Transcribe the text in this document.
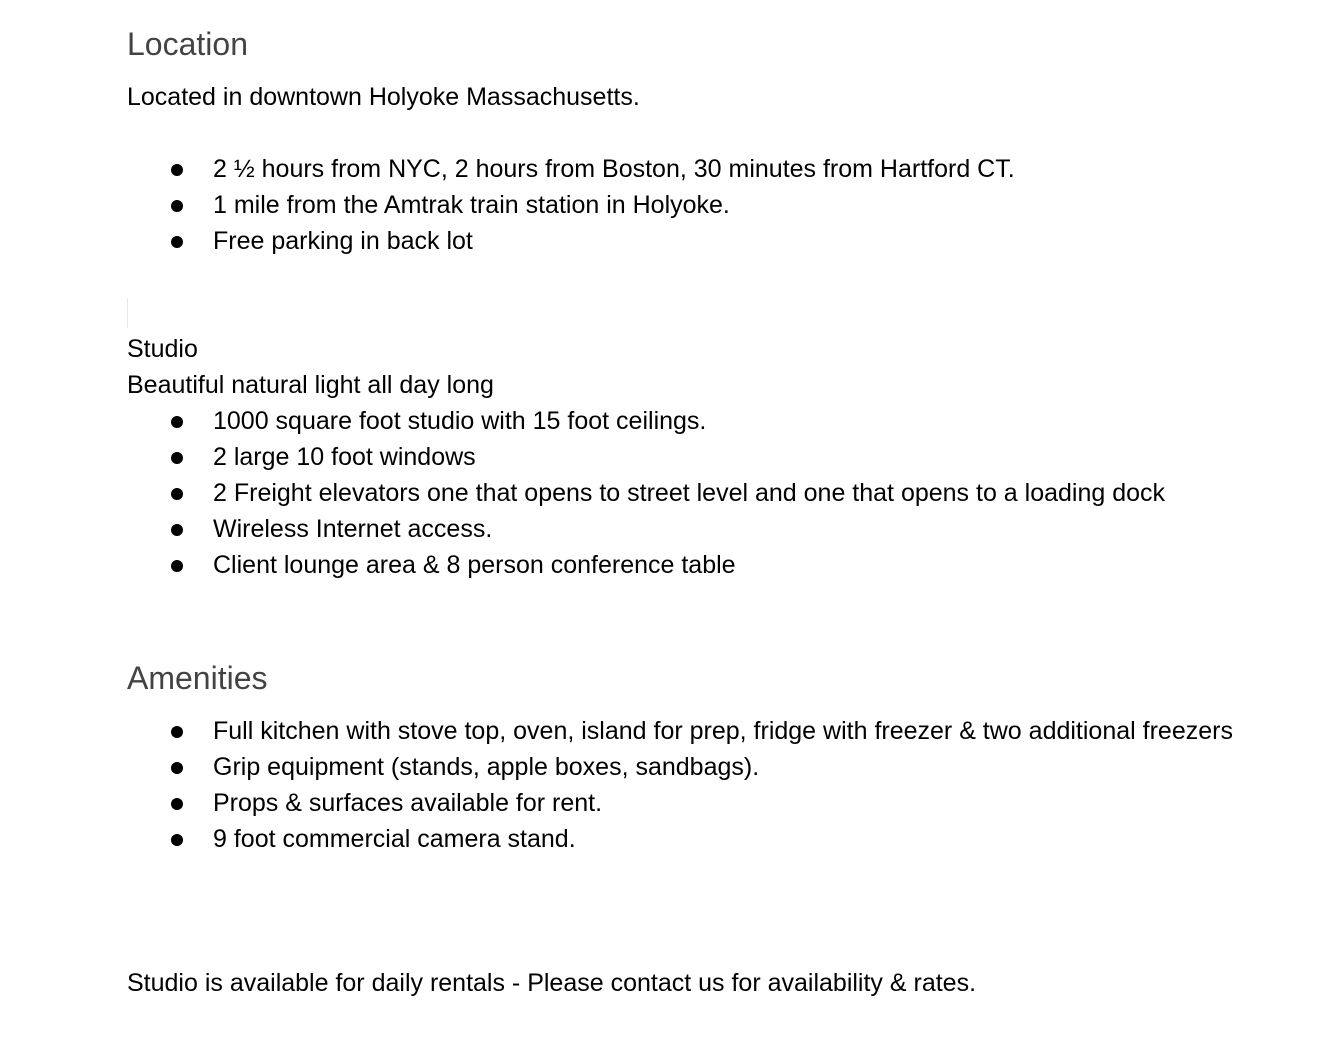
Location
Located in downtown Holyoke Massachusetts.
2 ½ hours from NYC, 2 hours from Boston, 30 minutes from Hartford CT.
1 mile from the Amtrak train station in Holyoke.
Free parking in back lot
Studio
Beautiful natural light all day long
1000 square foot studio with 15 foot ceilings.
2 large 10 foot windows
2 Freight elevators one that opens to street level and one that opens to a loading dock
Wireless Internet access.
Client lounge area & 8 person conference table
Amenities
Full kitchen with stove top, oven, island for prep, fridge with freezer & two additional freezers
Grip equipment (stands, apple boxes, sandbags).
Props & surfaces available for rent.
9 foot commercial camera stand.
Studio is available for daily rentals - Please contact us for availability & rates.
